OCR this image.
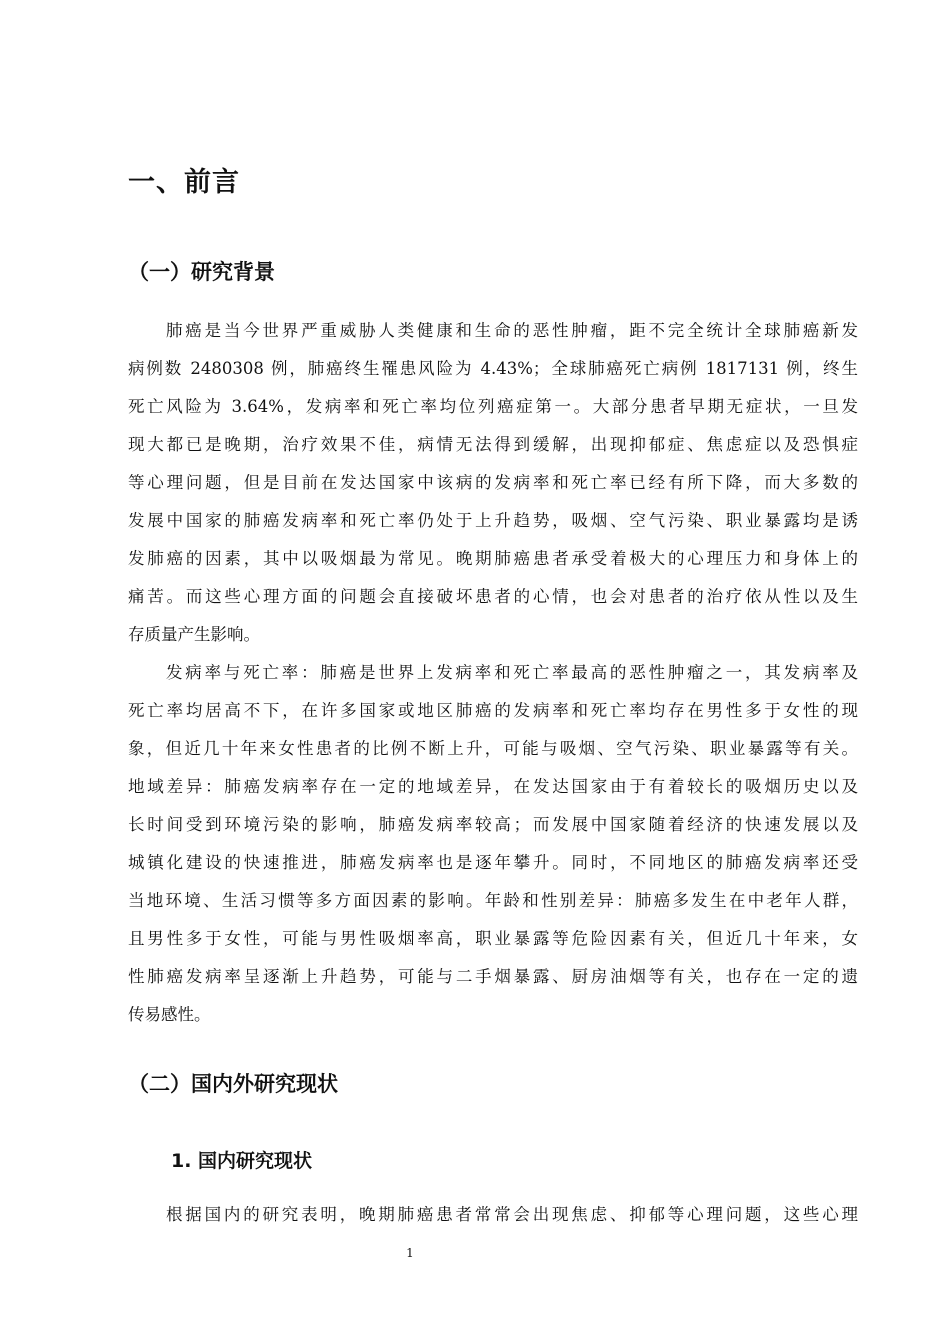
一、前言
（一）研究背景
肺癌是当今世界严重威胁人类健康和生命的恶性肿瘤，距不完全统计全球肺癌新发
病例数 2480308 例，肺癌终生罹患风险为 4.43%；全球肺癌死亡病例 1817131 例，终生
死亡风险为 3.64%，发病率和死亡率均位列癌症第一。大部分患者早期无症状，一旦发
现大都已是晚期，治疗效果不佳，病情无法得到缓解，出现抑郁症、焦虑症以及恐惧症
等心理问题，但是目前在发达国家中该病的发病率和死亡率已经有所下降，而大多数的
发展中国家的肺癌发病率和死亡率仍处于上升趋势，吸烟、空气污染、职业暴露均是诱
发肺癌的因素，其中以吸烟最为常见。晚期肺癌患者承受着极大的心理压力和身体上的
痛苦。而这些心理方面的问题会直接破坏患者的心情，也会对患者的治疗依从性以及生
存质量产生影响。
发病率与死亡率：肺癌是世界上发病率和死亡率最高的恶性肿瘤之一，其发病率及
死亡率均居高不下，在许多国家或地区肺癌的发病率和死亡率均存在男性多于女性的现
象，但近几十年来女性患者的比例不断上升，可能与吸烟、空气污染、职业暴露等有关。
地域差异：肺癌发病率存在一定的地域差异，在发达国家由于有着较长的吸烟历史以及
长时间受到环境污染的影响，肺癌发病率较高；而发展中国家随着经济的快速发展以及
城镇化建设的快速推进，肺癌发病率也是逐年攀升。同时，不同地区的肺癌发病率还受
当地环境、生活习惯等多方面因素的影响。年龄和性别差异：肺癌多发生在中老年人群，
且男性多于女性，可能与男性吸烟率高，职业暴露等危险因素有关，但近几十年来，女
性肺癌发病率呈逐渐上升趋势，可能与二手烟暴露、厨房油烟等有关，也存在一定的遗
传易感性。
（二）国内外研究现状
1. 国内研究现状
根据国内的研究表明，晚期肺癌患者常常会出现焦虑、抑郁等心理问题，这些心理
1
